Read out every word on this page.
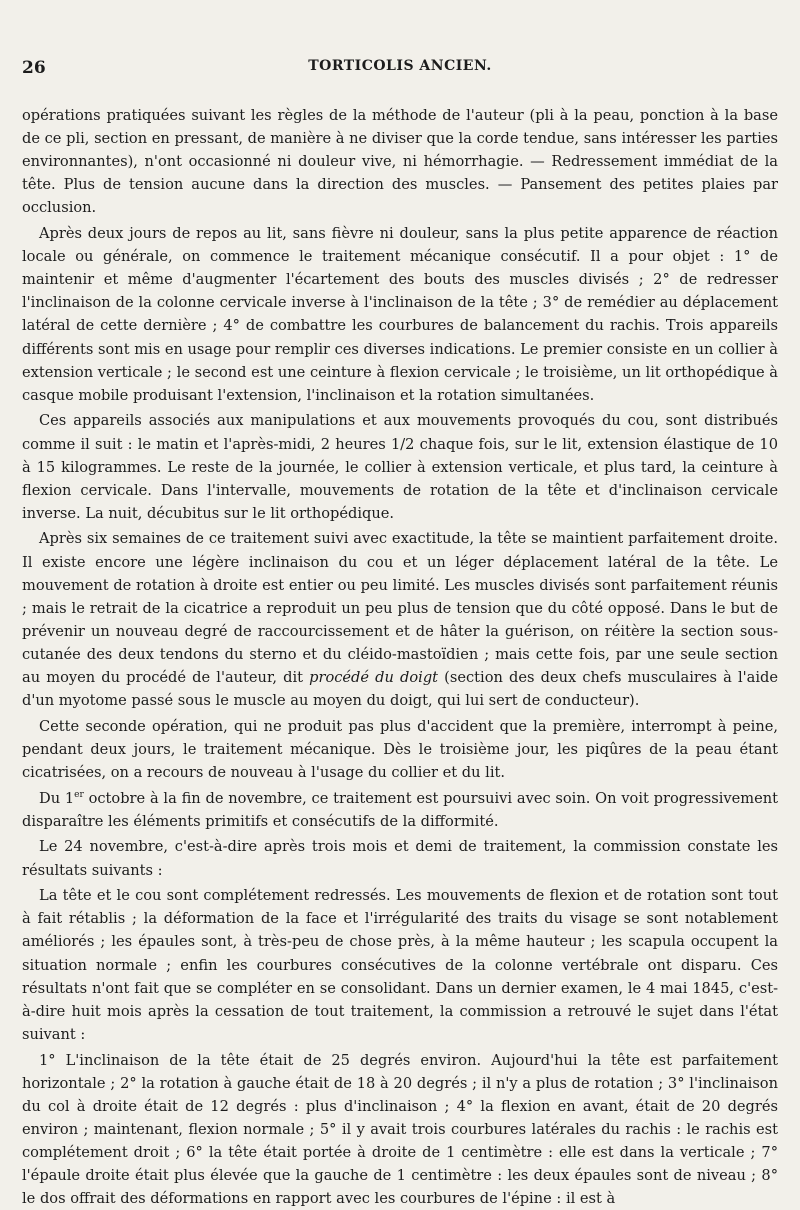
26	TORTICOLIS ANCIEN.

opérations pratiquées suivant les règles de la méthode de l'auteur (pli à la peau, ponction à la base de ce pli, section en pressant, de manière à ne diviser que la corde tendue, sans intéresser les parties environnantes), n'ont occasionné ni douleur vive, ni hémorrhagie. — Redressement immédiat de la tête. Plus de tension aucune dans la direction des muscles. — Pansement des petites plaies par occlusion.

Après deux jours de repos au lit, sans fièvre ni douleur, sans la plus petite apparence de réaction locale ou générale, on commence le traitement mécanique consécutif. Il a pour objet : 1° de maintenir et même d'augmenter l'écartement des bouts des muscles divisés ; 2° de redresser l'inclinaison de la colonne cervicale inverse à l'inclinaison de la tête ; 3° de remédier au déplacement latéral de cette dernière ; 4° de combattre les courbures de balancement du rachis. Trois appareils différents sont mis en usage pour remplir ces diverses indications. Le premier consiste en un collier à extension verticale ; le second est une ceinture à flexion cervicale ; le troisième, un lit orthopédique à casque mobile produisant l'extension, l'inclinaison et la rotation simultanées.

Ces appareils associés aux manipulations et aux mouvements provoqués du cou, sont distribués comme il suit : le matin et l'après-midi, 2 heures 1/2 chaque fois, sur le lit, extension élastique de 10 à 15 kilogrammes. Le reste de la journée, le collier à extension verticale, et plus tard, la ceinture à flexion cervicale. Dans l'intervalle, mouvements de rotation de la tête et d'inclinaison cervicale inverse. La nuit, décubitus sur le lit orthopédique.

Après six semaines de ce traitement suivi avec exactitude, la tête se maintient parfaitement droite. Il existe encore une légère inclinaison du cou et un léger déplacement latéral de la tête. Le mouvement de rotation à droite est entier ou peu limité. Les muscles divisés sont parfaitement réunis ; mais le retrait de la cicatrice a reproduit un peu plus de tension que du côté opposé. Dans le but de prévenir un nouveau degré de raccourcissement et de hâter la guérison, on réitère la section sous-cutanée des deux tendons du sterno et du cléido-mastoïdien ; mais cette fois, par une seule section au moyen du procédé de l'auteur, dit procédé du doigt (section des deux chefs musculaires à l'aide d'un myotome passé sous le muscle au moyen du doigt, qui lui sert de conducteur).

Cette seconde opération, qui ne produit pas plus d'accident que la première, interrompt à peine, pendant deux jours, le traitement mécanique. Dès le troisième jour, les piqûres de la peau étant cicatrisées, on a recours de nouveau à l'usage du collier et du lit.

Du 1er octobre à la fin de novembre, ce traitement est poursuivi avec soin. On voit progressivement disparaître les éléments primitifs et consécutifs de la difformité.

Le 24 novembre, c'est-à-dire après trois mois et demi de traitement, la commission constate les résultats suivants :

La tête et le cou sont complétement redressés. Les mouvements de flexion et de rotation sont tout à fait rétablis ; la déformation de la face et l'irrégularité des traits du visage se sont notablement améliorés ; les épaules sont, à très-peu de chose près, à la même hauteur ; les scapula occupent la situation normale ; enfin les courbures consécutives de la colonne vertébrale ont disparu. Ces résultats n'ont fait que se compléter en se consolidant. Dans un dernier examen, le 4 mai 1845, c'est-à-dire huit mois après la cessation de tout traitement, la commission a retrouvé le sujet dans l'état suivant :

1° L'inclinaison de la tête était de 25 degrés environ. Aujourd'hui la tête est parfaitement horizontale ; 2° la rotation à gauche était de 18 à 20 degrés ; il n'y a plus de rotation ; 3° l'inclinaison du col à droite était de 12 degrés : plus d'inclinaison ; 4° la flexion en avant, était de 20 degrés environ ; maintenant, flexion normale ; 5° il y avait trois courbures latérales du rachis : le rachis est complétement droit ; 6° la tête était portée à droite de 1 centimètre : elle est dans la verticale ; 7° l'épaule droite était plus élevée que la gauche de 1 centimètre : les deux épaules sont de niveau ; 8° le dos offrait des déformations en rapport avec les courbures de l'épine : il est à
